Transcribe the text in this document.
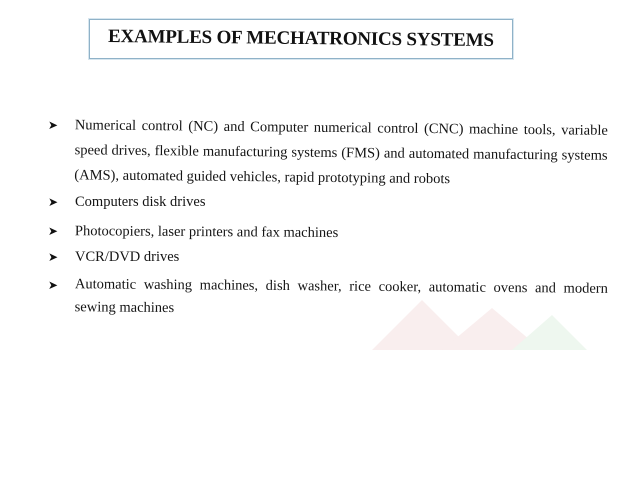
EXAMPLES OF MECHATRONICS SYSTEMS
➤ Numerical control (NC) and Computer numerical control (CNC) machine tools, variable speed drives, flexible manufacturing systems (FMS) and automated manufacturing systems (AMS), automated guided vehicles, rapid prototyping and robots
➤ Computers disk drives
➤ Photocopiers, laser printers and fax machines
➤ VCR/DVD drives
➤ Automatic washing machines, dish washer, rice cooker, automatic ovens and modern sewing machines
